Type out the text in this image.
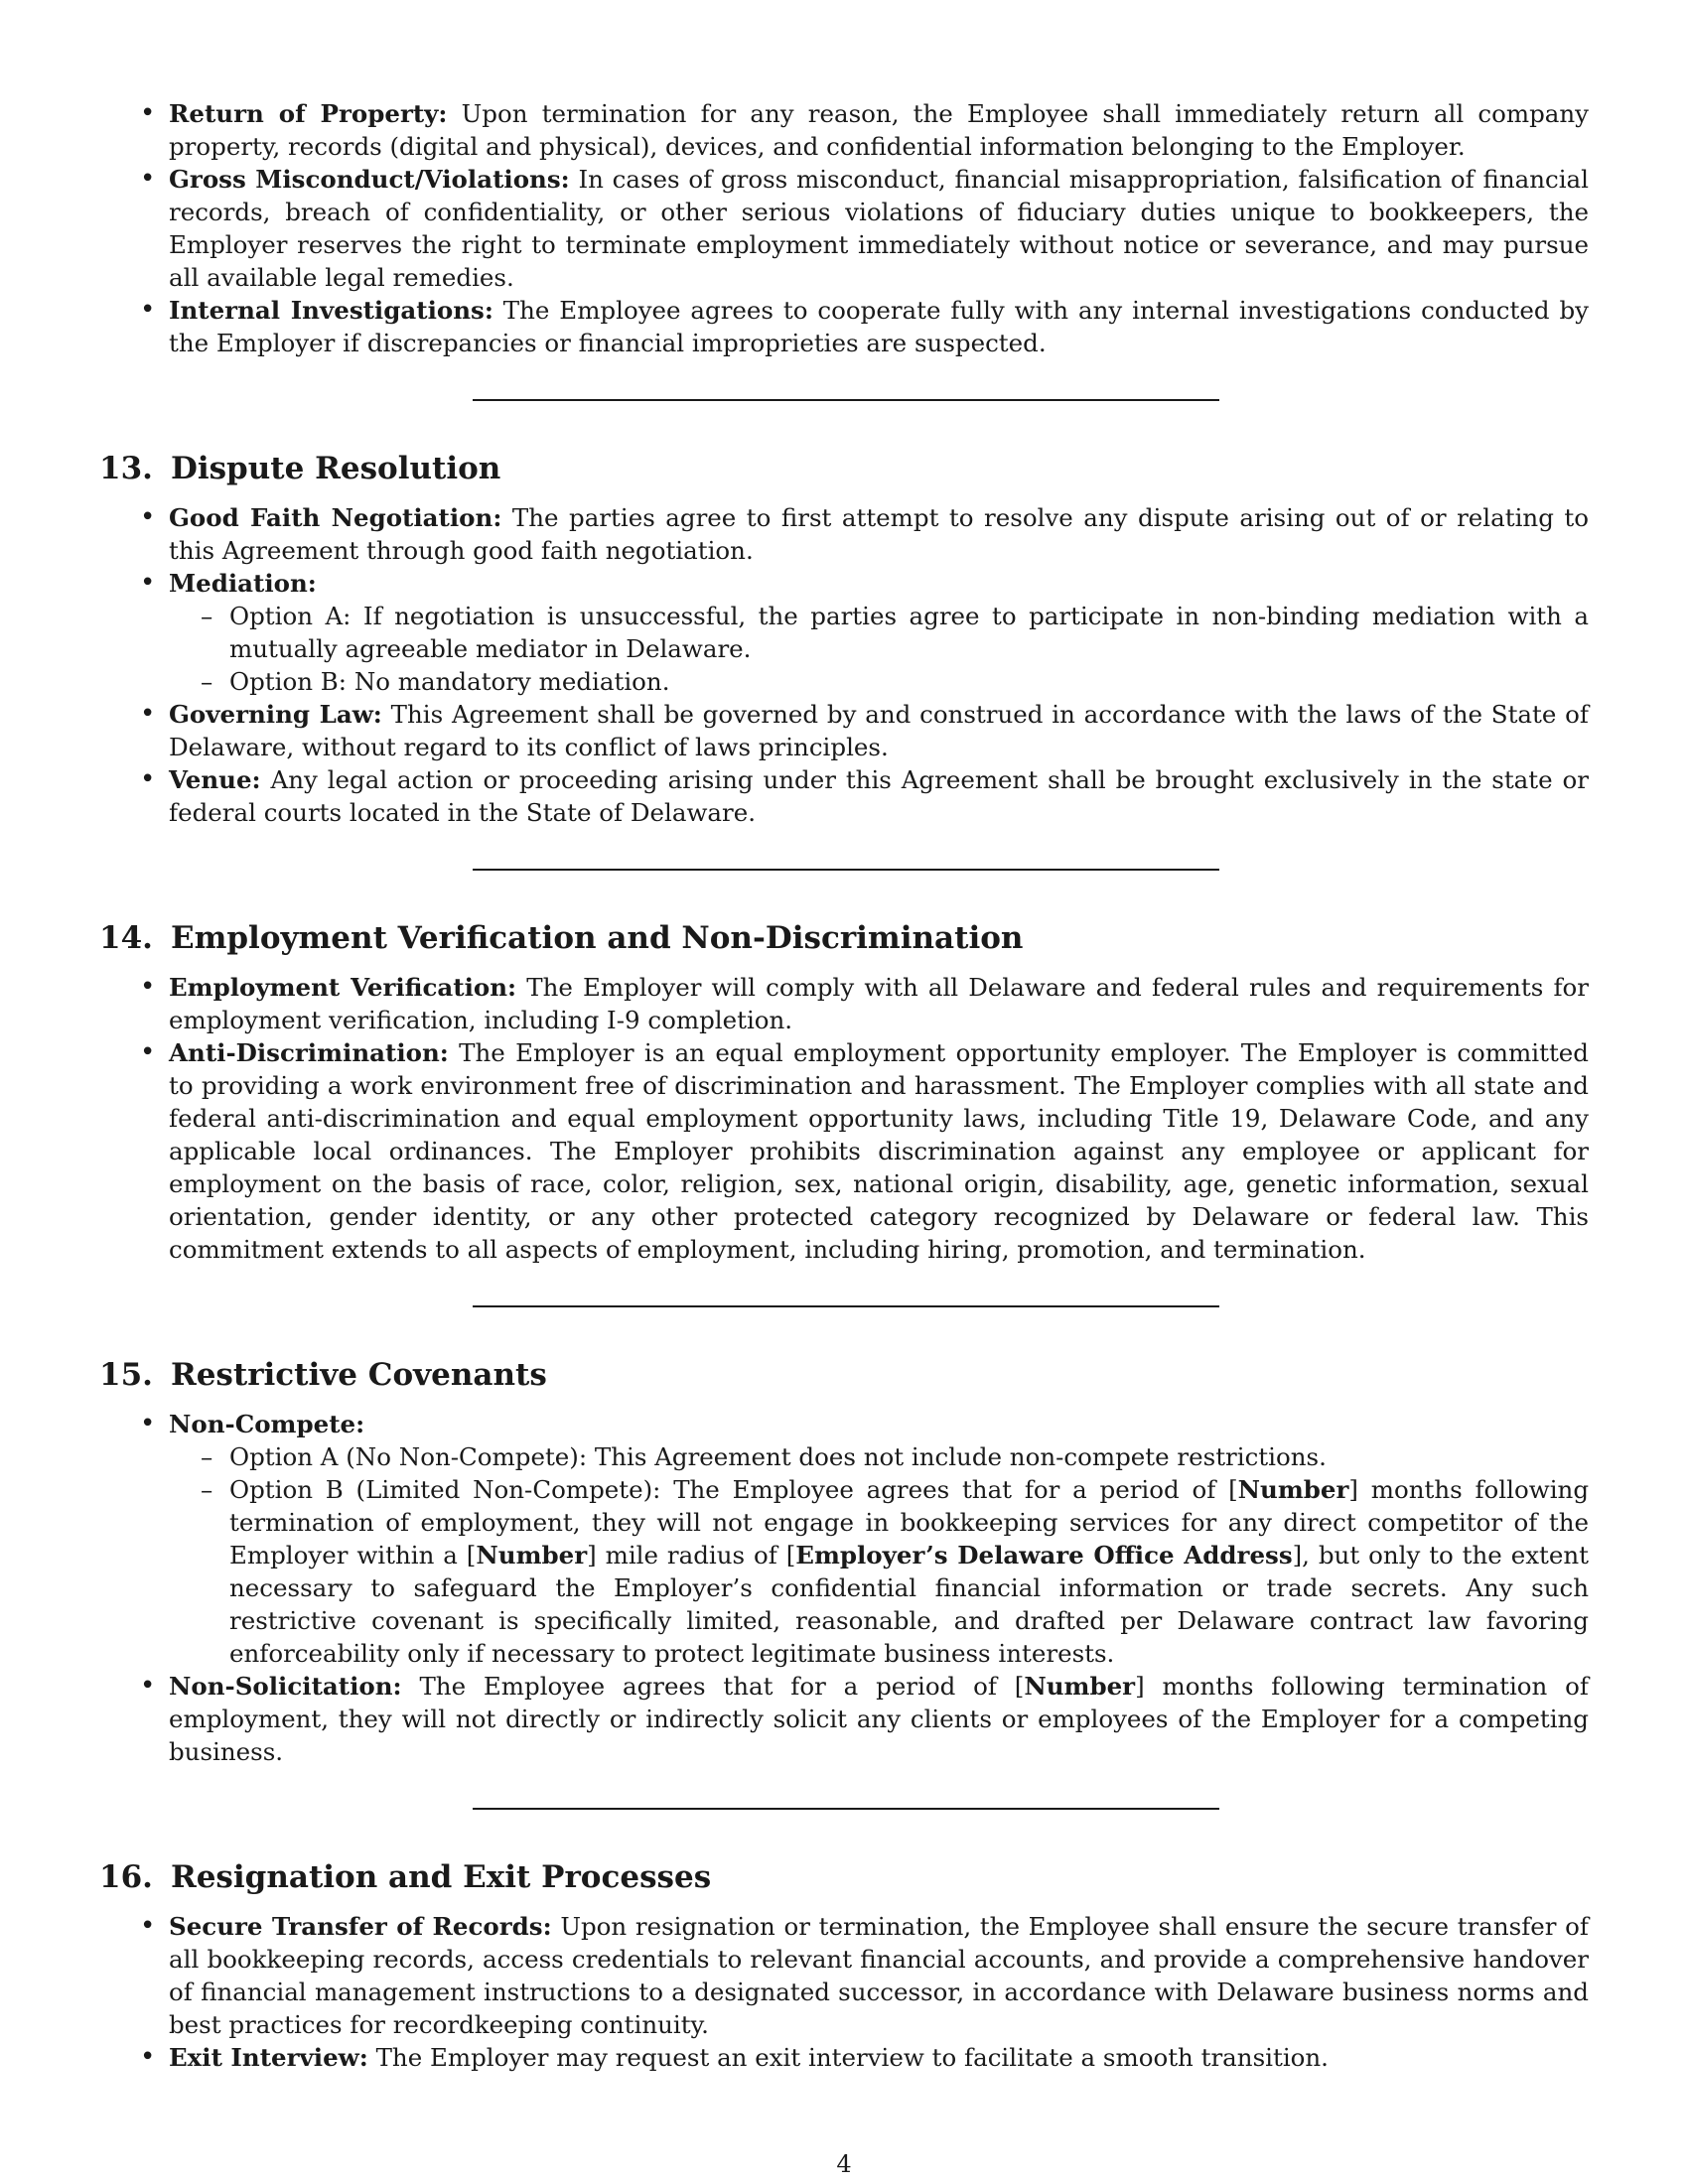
• Return of Property: Upon termination for any reason, the Employee shall immediately return all company property, records (digital and physical), devices, and confidential information belonging to the Employer.
• Gross Misconduct/Violations: In cases of gross misconduct, financial misappropriation, falsification of financial records, breach of confidentiality, or other serious violations of fiduciary duties unique to bookkeepers, the Employer reserves the right to terminate employment immediately without notice or severance, and may pursue all available legal remedies.
• Internal Investigations: The Employee agrees to cooperate fully with any internal investigations conducted by the Employer if discrepancies or financial improprieties are suspected.
13. Dispute Resolution
• Good Faith Negotiation: The parties agree to first attempt to resolve any dispute arising out of or relating to this Agreement through good faith negotiation.
• Mediation:
– Option A: If negotiation is unsuccessful, the parties agree to participate in non-binding mediation with a mutually agreeable mediator in Delaware.
– Option B: No mandatory mediation.
• Governing Law: This Agreement shall be governed by and construed in accordance with the laws of the State of Delaware, without regard to its conflict of laws principles.
• Venue: Any legal action or proceeding arising under this Agreement shall be brought exclusively in the state or federal courts located in the State of Delaware.
14. Employment Verification and Non-Discrimination
• Employment Verification: The Employer will comply with all Delaware and federal rules and requirements for employment verification, including I-9 completion.
• Anti-Discrimination: The Employer is an equal employment opportunity employer. The Employer is committed to providing a work environment free of discrimination and harassment. The Employer complies with all state and federal anti-discrimination and equal employment opportunity laws, including Title 19, Delaware Code, and any applicable local ordinances. The Employer prohibits discrimination against any employee or applicant for employment on the basis of race, color, religion, sex, national origin, disability, age, genetic information, sexual orientation, gender identity, or any other protected category recognized by Delaware or federal law. This commitment extends to all aspects of employment, including hiring, promotion, and termination.
15. Restrictive Covenants
• Non-Compete:
– Option A (No Non-Compete): This Agreement does not include non-compete restrictions.
– Option B (Limited Non-Compete): The Employee agrees that for a period of [Number] months following termination of employment, they will not engage in bookkeeping services for any direct competitor of the Employer within a [Number] mile radius of [Employer’s Delaware Office Address], but only to the extent necessary to safeguard the Employer’s confidential financial information or trade secrets. Any such restrictive covenant is specifically limited, reasonable, and drafted per Delaware contract law favoring enforceability only if necessary to protect legitimate business interests.
• Non-Solicitation: The Employee agrees that for a period of [Number] months following termination of employment, they will not directly or indirectly solicit any clients or employees of the Employer for a competing business.
16. Resignation and Exit Processes
• Secure Transfer of Records: Upon resignation or termination, the Employee shall ensure the secure transfer of all bookkeeping records, access credentials to relevant financial accounts, and provide a comprehensive handover of financial management instructions to a designated successor, in accordance with Delaware business norms and best practices for recordkeeping continuity.
• Exit Interview: The Employer may request an exit interview to facilitate a smooth transition.
4
